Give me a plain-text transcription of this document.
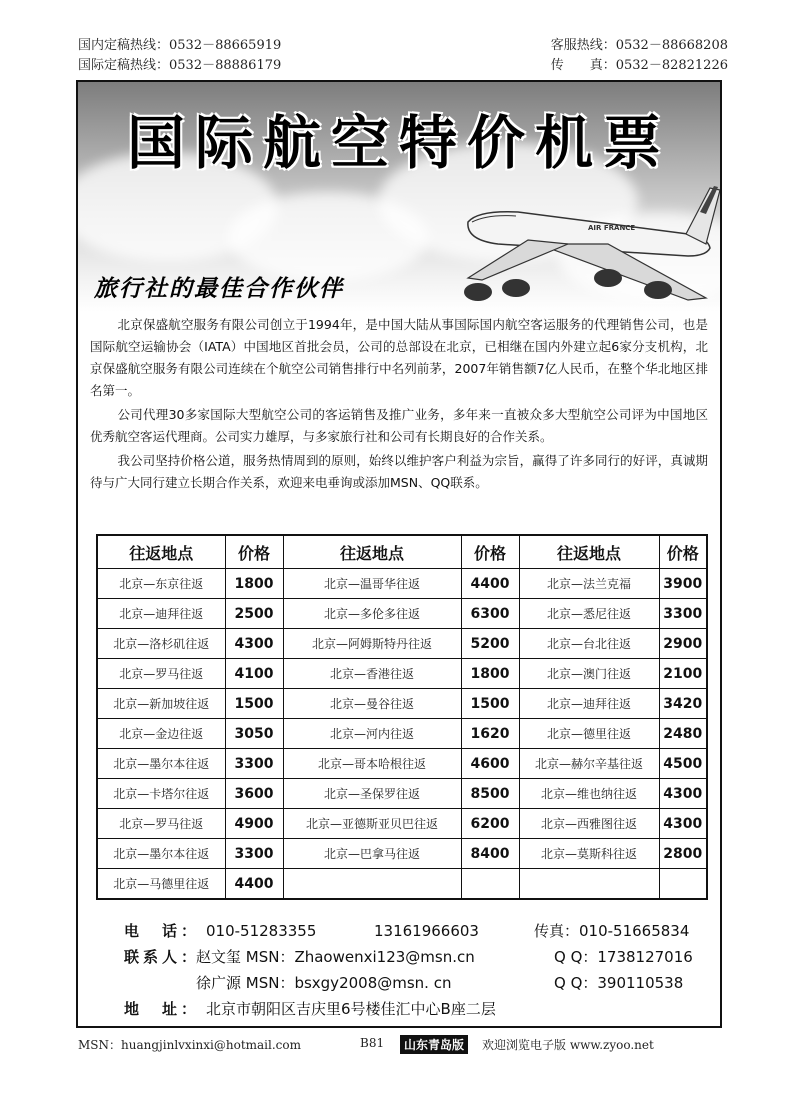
国内定稿热线：0532－88665919
国际定稿热线：0532－88886179
客服热线：0532－88668208
传　　真：0532－82821226
国际航空特价机票
AIR FRANCE
旅行社的最佳合作伙伴

北京保盛航空服务有限公司创立于1994年，是中国大陆从事国际国内航空客运服务的代理销售公司，也是国际航空运输协会（IATA）中国地区首批会员，公司的总部设在北京，已相继在国内外建立起6家分支机构，北京保盛航空服务有限公司连续在个航空公司销售排行中名列前茅，2007年销售额7亿人民币，在整个华北地区排名第一。

公司代理30多家国际大型航空公司的客运销售及推广业务，多年来一直被众多大型航空公司评为中国地区优秀航空客运代理商。公司实力雄厚，与多家旅行社和公司有长期良好的合作关系。

我公司坚持价格公道，服务热情周到的原则，始终以维护客户利益为宗旨，赢得了许多同行的好评，真诚期待与广大同行建立长期合作关系，欢迎来电垂询或添加MSN、QQ联系。

往返地点	价格	往返地点	价格	往返地点	价格
北京—东京往返	1800	北京—温哥华往返	4400	北京—法兰克福	3900
北京—迪拜往返	2500	北京—多伦多往返	6300	北京—悉尼往返	3300
北京—洛杉矶往返	4300	北京—阿姆斯特丹往返	5200	北京—台北往返	2900
北京—罗马往返	4100	北京—香港往返	1800	北京—澳门往返	2100
北京—新加坡往返	1500	北京—曼谷往返	1500	北京—迪拜往返	3420
北京—金边往返	3050	北京—河内往返	1620	北京—德里往返	2480
北京—墨尔本往返	3300	北京—哥本哈根往返	4600	北京—赫尔辛基往返	4500
北京—卡塔尔往返	3600	北京—圣保罗往返	8500	北京—维也纳往返	4300
北京—罗马往返	4900	北京—亚德斯亚贝巴往返	6200	北京—西雅图往返	4300
北京—墨尔本往返	3300	北京—巴拿马往返	8400	北京—莫斯科往返	2800
北京—马德里往返	4400				
电　话： 010-51283355	13161966603	传真：010-51665834
联系人：
赵文玺 MSN：Zhaowenxi123@msn.cn	Q Q：1738127016
徐广源 MSN：bsxgy2008@msn. cn	Q Q：390110538
地　址： 北京市朝阳区吉庆里6号楼佳汇中心B座二层
MSN：huangjinlvxinxi@hotmail.com	B81	山东青岛版	欢迎浏览电子版 www.zyoo.net
